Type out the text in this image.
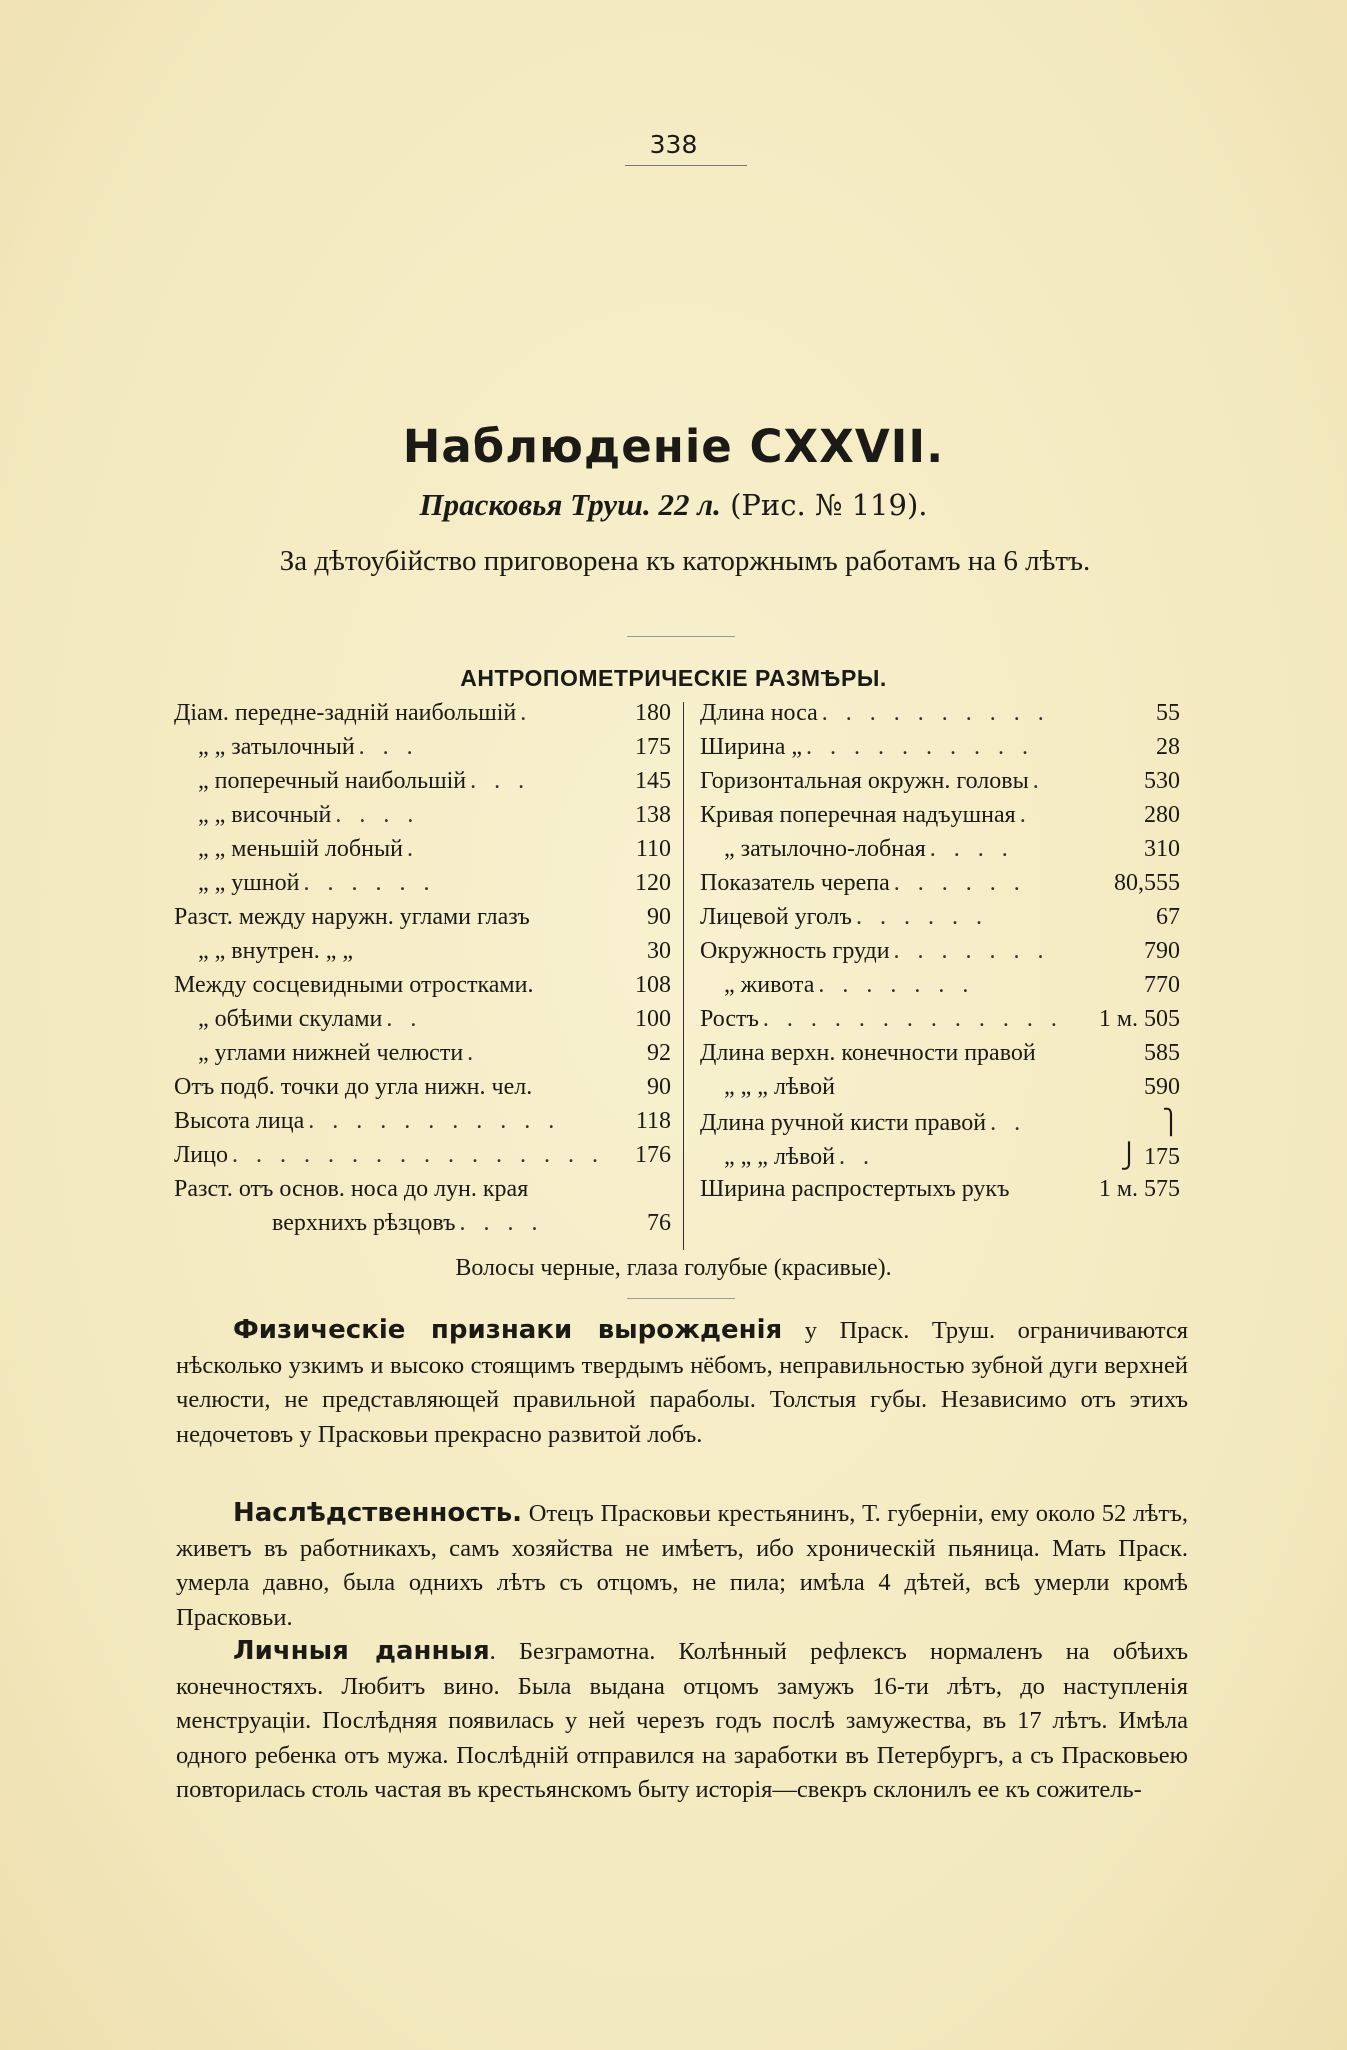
338
Наблюденіе CXXVII.
Прасковья Труш. 22 л. (Рис. № 119).
За дѣтоубійство приговорена къ каторжнымъ работамъ на 6 лѣтъ.
АНТРОПОМЕТРИЧЕСКІЕ РАЗМѢРЫ.
Діам. передне-задній наибольшій .	180
„ „ затылочный . . .	175
„ поперечный наибольшій . . .	145
„ „ височный . . . .	138
„ „ меньшій лобный .	110
„ „ ушной . . . . . .	120
Разст. между наружн. углами глазъ	90
„ „ внутрен. „ „	30
Между сосцевидными отростками.	108
„ обѣими скулами . .	100
„ углами нижней челюсти .	92
Отъ подб. точки до угла нижн. чел.	90
Высота лица . . . . . . . . . . .	118
Лицо . . . . . . . . . . . . . . . .	176
Разст. отъ основ. носа до лун. края
верхнихъ рѣзцовъ . . . .	76
Длина носа . . . . . . . . . .	55
Ширина „ . . . . . . . . . .	28
Горизонтальная окружн. головы .	530
Кривая поперечная надъушная .	280
„ затылочно-лобная . . . .	310
Показатель черепа . . . . . .	80,555
Лицевой уголъ . . . . . .	67
Окружность груди . . . . . . .	790
„ живота . . . . . . .	770
Ростъ . . . . . . . . . . . . .	1 м. 505
Длина верхн. конечности правой	585
„ „ „ лѣвой	590
Длина ручной кисти правой . .	⎫
„ „ „ лѣвой . .	⎭ 175
Ширина распростертыхъ рукъ	1 м. 575
Волосы черные, глаза голубые (красивые).
Физическіе признаки вырожденія у Праск. Труш. ограничиваются нѣсколько узкимъ и высоко стоящимъ твердымъ нёбомъ, неправильностью зубной дуги верхней челюсти, не представляющей правильной параболы. Толстыя губы. Независимо отъ этихъ недочетовъ у Прасковьи прекрасно развитой лобъ.
Наслѣдственность. Отецъ Прасковьи крестьянинъ, Т. губерніи, ему около 52 лѣтъ, живетъ въ работникахъ, самъ хозяйства не имѣетъ, ибо хроническій пьяница. Мать Праск. умерла давно, была однихъ лѣтъ съ отцомъ, не пила; имѣла 4 дѣтей, всѣ умерли кромѣ Прасковьи.
Личныя данныя. Безграмотна. Колѣнный рефлексъ нормаленъ на обѣихъ конечностяхъ. Любитъ вино. Была выдана отцомъ замужъ 16-ти лѣтъ, до наступленія менструаціи. Послѣдняя появилась у ней черезъ годъ послѣ замужества, въ 17 лѣтъ. Имѣла одного ребенка отъ мужа. Послѣдній отправился на заработки въ Петербургъ, а съ Прасковьею повторилась столь частая въ крестьянскомъ быту исторія—свекръ склонилъ ее къ сожитель-
